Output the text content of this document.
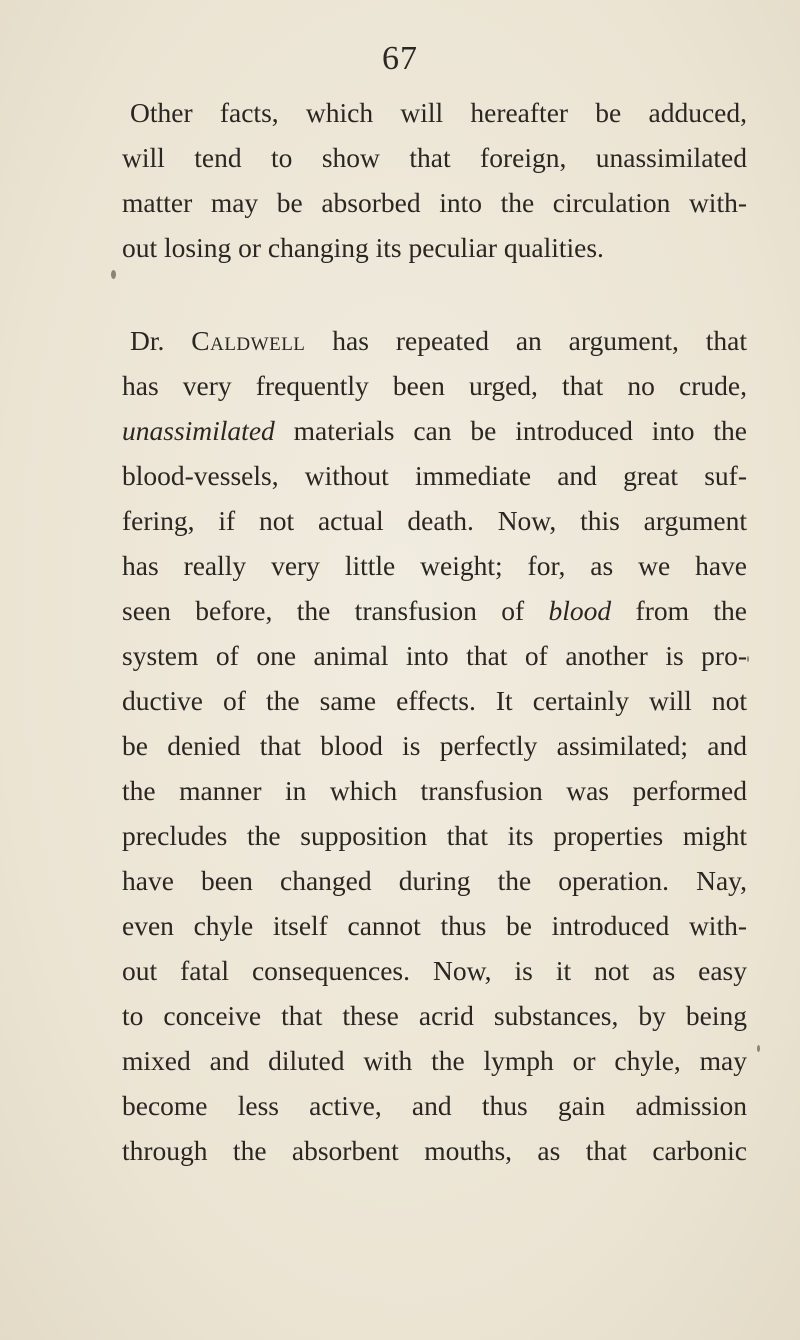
67
Other facts, which will hereafter be adduced,
will tend to show that foreign, unassimilated
matter may be absorbed into the circulation with-
out losing or changing its peculiar qualities.
Dr. Caldwell has repeated an argument, that
has very frequently been urged, that no crude,
unassimilated materials can be introduced into the
blood-vessels, without immediate and great suf-
fering, if not actual death. Now, this argument
has really very little weight; for, as we have
seen before, the transfusion of blood from the
system of one animal into that of another is pro-
ductive of the same effects. It certainly will not
be denied that blood is perfectly assimilated; and
the manner in which transfusion was performed
precludes the supposition that its properties might
have been changed during the operation. Nay,
even chyle itself cannot thus be introduced with-
out fatal consequences. Now, is it not as easy
to conceive that these acrid substances, by being
mixed and diluted with the lymph or chyle, may
become less active, and thus gain admission
through the absorbent mouths, as that carbonic
